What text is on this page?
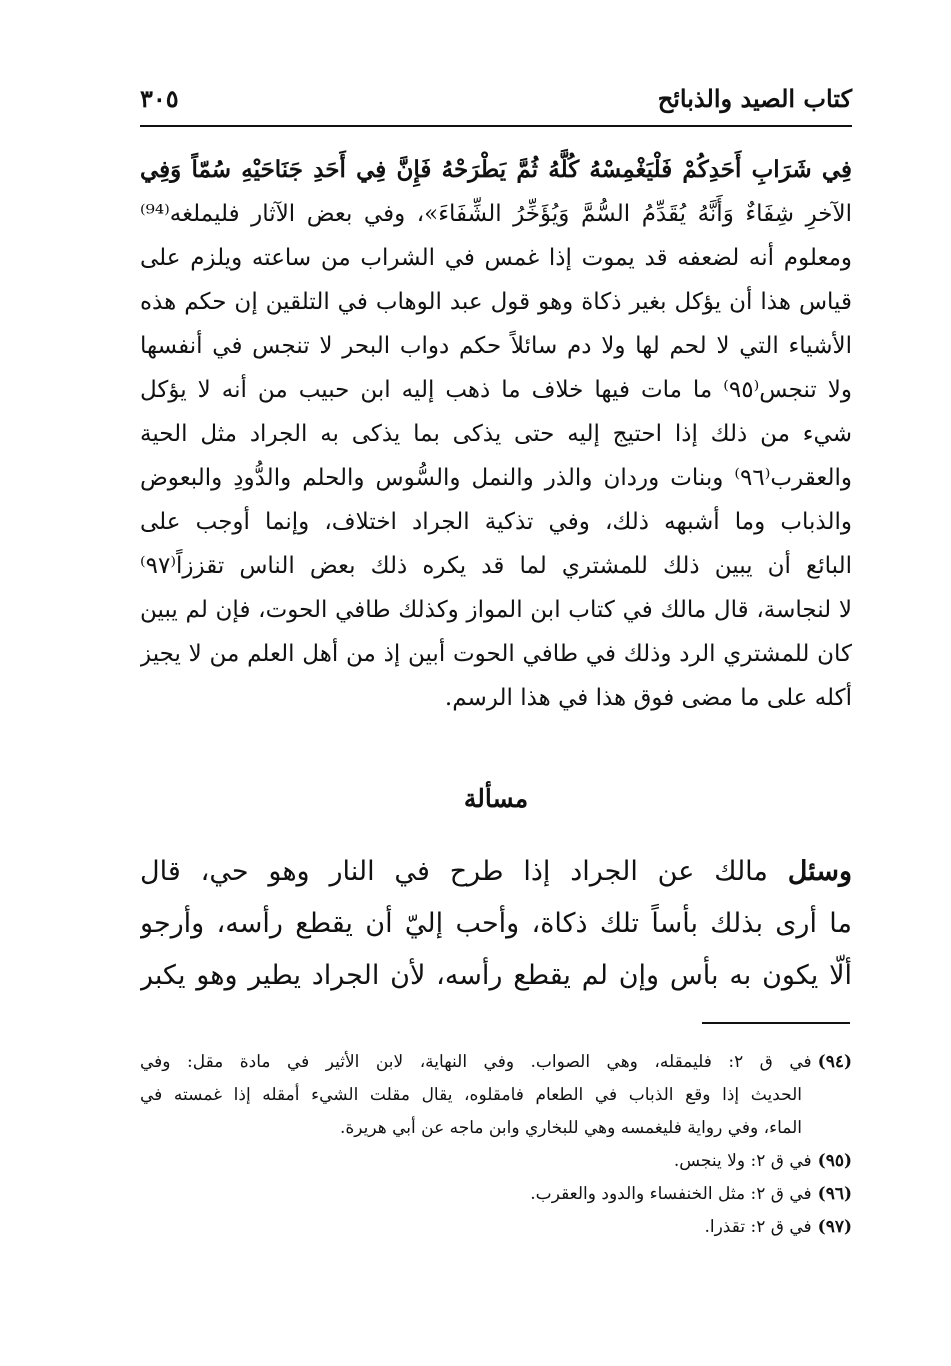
كتاب الصيد والذبائح
٣٠٥
فِي شَرَابِ أَحَدِكُمْ فَلْيَغْمِسْهُ كُلَّهُ ثُمَّ يَطْرَحْهُ فَإِنَّ فِي أَحَدِ جَنَاحَيْهِ سُمّاً وَفِي
الآخرِ شِفَاءٌ وَأَنَّهُ يُقَدِّمُ السُّمَّ وَيُؤَخِّرُ الشِّفَاءَ»، وفي بعض الآثار فليملغه⁽⁹⁴⁾
ومعلوم أنه لضعفه قد يموت إذا غمس في الشراب من ساعته ويلزم على
قياس هذا أن يؤكل بغير ذكاة وهو قول عبد الوهاب في التلقين إن حكم هذه
الأشياء التي لا لحم لها ولا دم سائلاً حكم دواب البحر لا تنجس في أنفسها
ولا تنجس⁽٩٥⁾ ما مات فيها خلاف ما ذهب إليه ابن حبيب من أنه لا يؤكل
شيء من ذلك إذا احتيج إليه حتى يذكى بما يذكى به الجراد مثل الحية
والعقرب⁽٩٦⁾ وبنات وردان والذر والنمل والسُّوس والحلم والدُّودِ والبعوض
والذباب وما أشبهه ذلك، وفي تذكية الجراد اختلاف، وإنما أوجب على
البائع أن يبين ذلك للمشتري لما قد يكره ذلك بعض الناس تقززاً⁽٩٧⁾
لا لنجاسة، قال مالك في كتاب ابن المواز وكذلك طافي الحوت، فإن لم يبين
كان للمشتري الرد وذلك في طافي الحوت أبين إذ من أهل العلم من لا يجيز
أكله على ما مضى فوق هذا في هذا الرسم.
مسألة
وسئل مالك عن الجراد إذا طرح في النار وهو حي، قال
ما أرى بذلك بأساً تلك ذكاة، وأحب إليّ أن يقطع رأسه، وأرجو
ألّا يكون به بأس وإن لم يقطع رأسه، لأن الجراد يطير وهو يكبر
(٩٤)في ق ٢: فليمقله، وهي الصواب. وفي النهاية، لابن الأثير في مادة مقل: وفي
الحديث إذا وقع الذباب في الطعام فامقلوه، يقال مقلت الشيء أمقله إذا غمسته في
الماء، وفي رواية فليغمسه وهي للبخاري وابن ماجه عن أبي هريرة.
(٩٥)في ق ٢: ولا ينجس.
(٩٦)في ق ٢: مثل الخنفساء والدود والعقرب.
(٩٧)في ق ٢: تقذرا.
